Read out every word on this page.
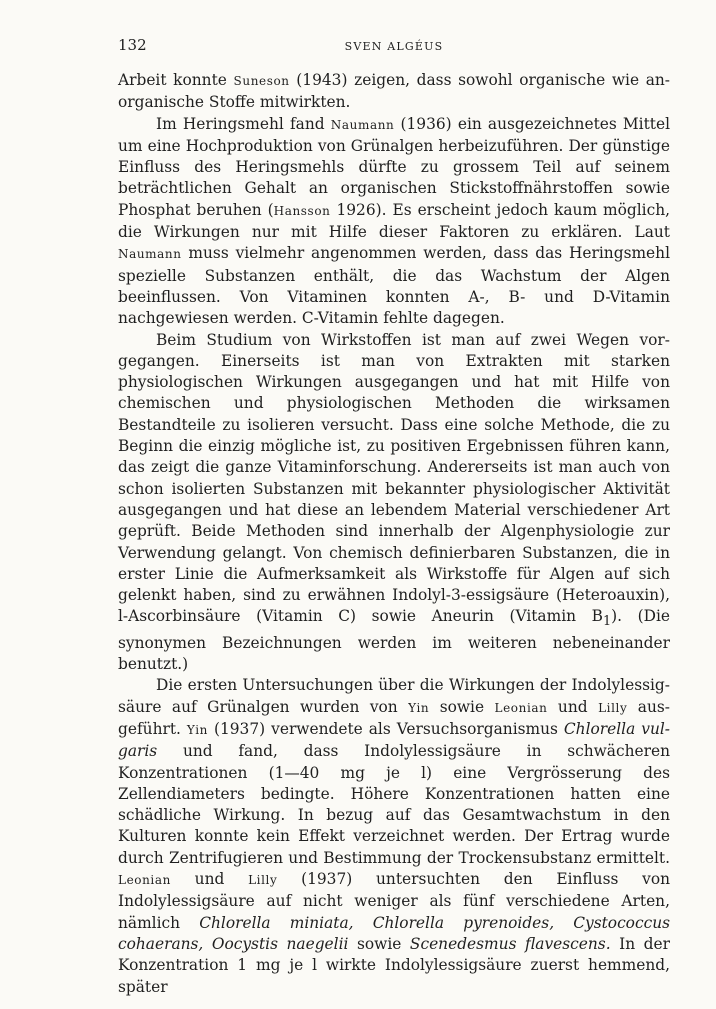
132	SVEN ALGÉUS

Arbeit konnte Suneson (1943) zeigen, dass sowohl organische wie anorganische Stoffe mitwirkten.

Im Heringsmehl fand Naumann (1936) ein ausgezeichnetes Mittel um eine Hochproduktion von Grünalgen herbeizuführen. Der günstige Einfluss des Heringsmehls dürfte zu grossem Teil auf seinem beträchtlichen Gehalt an organischen Stickstoffnährstoffen sowie Phosphat beruhen (Hansson 1926). Es erscheint jedoch kaum möglich, die Wirkungen nur mit Hilfe dieser Faktoren zu erklären. Laut Naumann muss vielmehr angenommen werden, dass das Heringsmehl spezielle Substanzen enthält, die das Wachstum der Algen beeinflussen. Von Vitaminen konnten A-, B- und D-Vitamin nachgewiesen werden. C-Vitamin fehlte dagegen.

Beim Studium von Wirkstoffen ist man auf zwei Wegen vorgegangen. Einerseits ist man von Extrakten mit starken physiologischen Wirkungen ausgegangen und hat mit Hilfe von chemischen und physiologischen Methoden die wirksamen Bestandteile zu isolieren versucht. Dass eine solche Methode, die zu Beginn die einzig mögliche ist, zu positiven Ergebnissen führen kann, das zeigt die ganze Vitaminforschung. Andererseits ist man auch von schon isolierten Substanzen mit bekannter physiologischer Aktivität ausgegangen und hat diese an lebendem Material verschiedener Art geprüft. Beide Methoden sind innerhalb der Algenphysiologie zur Verwendung gelangt. Von chemisch definierbaren Substanzen, die in erster Linie die Aufmerksamkeit als Wirkstoffe für Algen auf sich gelenkt haben, sind zu erwähnen Indolyl-3-essigsäure (Heteroauxin), l-Ascorbinsäure (Vitamin C) sowie Aneurin (Vitamin $B_1$). (Die synonymen Bezeichnungen werden im weiteren nebeneinander benutzt.)

Die ersten Untersuchungen über die Wirkungen der Indolylessigsäure auf Grünalgen wurden von Yin sowie Leonian und Lilly ausgeführt. Yin (1937) verwendete als Versuchsorganismus Chlorella vulgaris und fand, dass Indolylessigsäure in schwächeren Konzentrationen (1—40 mg je l) eine Vergrösserung des Zellendiameters bedingte. Höhere Konzentrationen hatten eine schädliche Wirkung. In bezug auf das Gesamtwachstum in den Kulturen konnte kein Effekt verzeichnet werden. Der Ertrag wurde durch Zentrifugieren und Bestimmung der Trockensubstanz ermittelt. Leonian und Lilly (1937) untersuchten den Einfluss von Indolylessigsäure auf nicht weniger als fünf verschiedene Arten, nämlich Chlorella miniata, Chlorella pyrenoides, Cystococcus cohaerans, Oocystis naegelii sowie Scenedesmus flavescens. In der Konzentration 1 mg je l wirkte Indolylessigsäure zuerst hemmend, später
